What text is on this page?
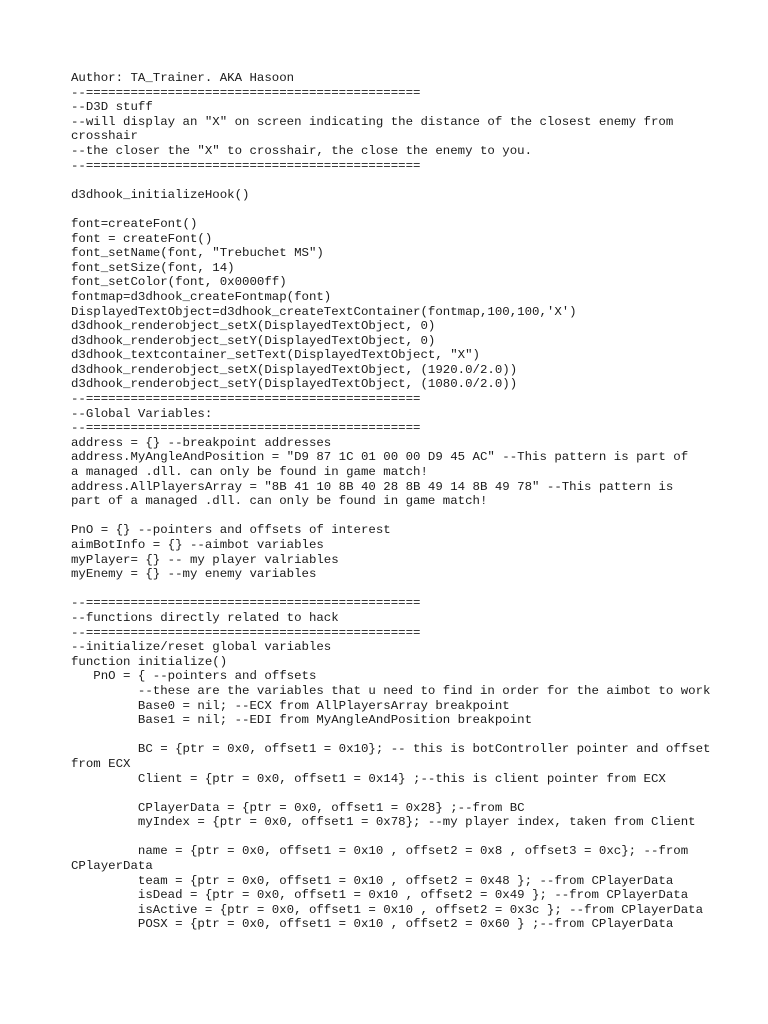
Author: TA_Trainer. AKA Hasoon
--=============================================
--D3D stuff
--will display an "X" on screen indicating the distance of the closest enemy from
crosshair
--the closer the "X" to crosshair, the close the enemy to you.
--=============================================
d3dhook_initializeHook()
font=createFont()
font = createFont()
font_setName(font, "Trebuchet MS")
font_setSize(font, 14)
font_setColor(font, 0x0000ff)
fontmap=d3dhook_createFontmap(font)
DisplayedTextObject=d3dhook_createTextContainer(fontmap,100,100,'X')
d3dhook_renderobject_setX(DisplayedTextObject, 0)
d3dhook_renderobject_setY(DisplayedTextObject, 0)
d3dhook_textcontainer_setText(DisplayedTextObject, "X")
d3dhook_renderobject_setX(DisplayedTextObject, (1920.0/2.0))
d3dhook_renderobject_setY(DisplayedTextObject, (1080.0/2.0))
--=============================================
--Global Variables:
--=============================================
address = {} --breakpoint addresses
address.MyAngleAndPosition = "D9 87 1C 01 00 00 D9 45 AC" --This pattern is part of
a managed .dll. can only be found in game match!
address.AllPlayersArray = "8B 41 10 8B 40 28 8B 49 14 8B 49 78" --This pattern is
part of a managed .dll. can only be found in game match!
PnO = {} --pointers and offsets of interest
aimBotInfo = {} --aimbot variables
myPlayer= {} -- my player valriables
myEnemy = {} --my enemy variables
--=============================================
--functions directly related to hack
--=============================================
--initialize/reset global variables
function initialize()
PnO = { --pointers and offsets
--these are the variables that u need to find in order for the aimbot to work
Base0 = nil; --ECX from AllPlayersArray breakpoint
Base1 = nil; --EDI from MyAngleAndPosition breakpoint
BC = {ptr = 0x0, offset1 = 0x10}; -- this is botController pointer and offset
from ECX
Client = {ptr = 0x0, offset1 = 0x14} ;--this is client pointer from ECX
CPlayerData = {ptr = 0x0, offset1 = 0x28} ;--from BC
myIndex = {ptr = 0x0, offset1 = 0x78}; --my player index, taken from Client
name = {ptr = 0x0, offset1 = 0x10 , offset2 = 0x8 , offset3 = 0xc}; --from
CPlayerData
team = {ptr = 0x0, offset1 = 0x10 , offset2 = 0x48 }; --from CPlayerData
isDead = {ptr = 0x0, offset1 = 0x10 , offset2 = 0x49 }; --from CPlayerData
isActive = {ptr = 0x0, offset1 = 0x10 , offset2 = 0x3c }; --from CPlayerData
POSX = {ptr = 0x0, offset1 = 0x10 , offset2 = 0x60 } ;--from CPlayerData
